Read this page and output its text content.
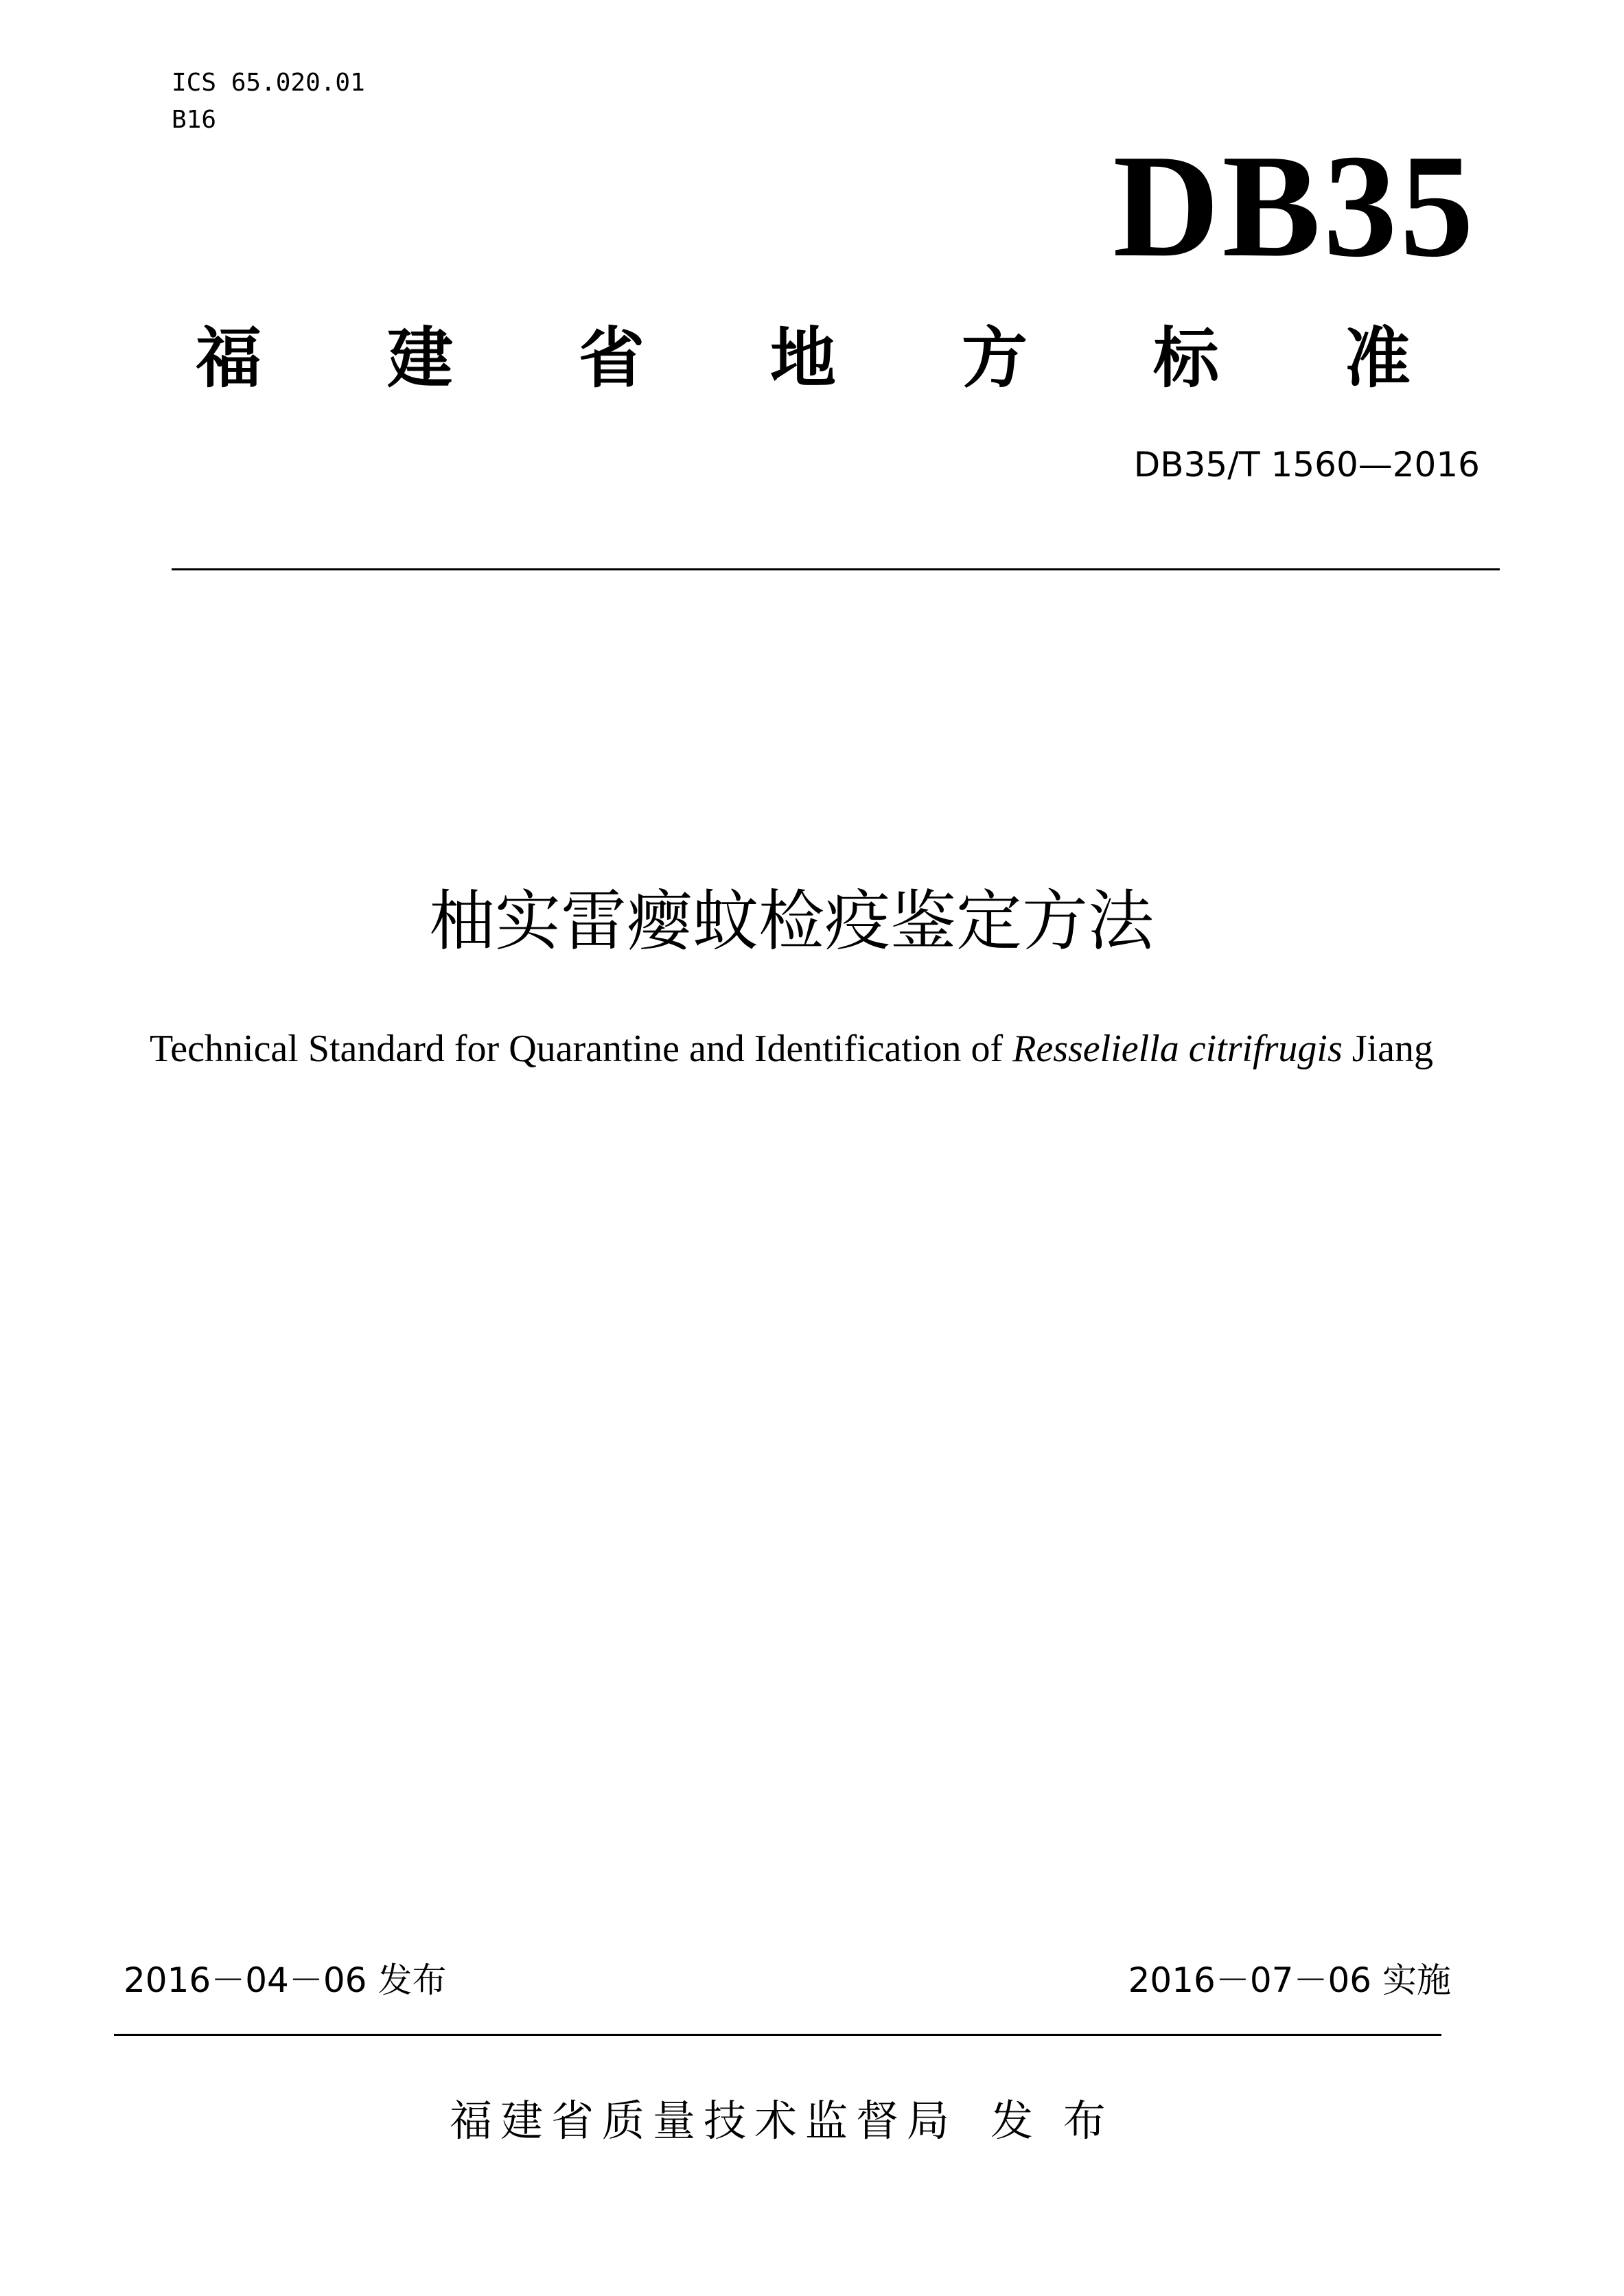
ICS 65.020.01
B16
DB35
福 建 省 地 方 标 准
DB35/T 1560—2016
柚实雷瘿蚊检疫鉴定方法
Technical Standard for Quarantine and Identification of Resseliella citrifrugis Jiang
2016－04－06 发布	2016－07－06 实施
福建省质量技术监督局 发 布
